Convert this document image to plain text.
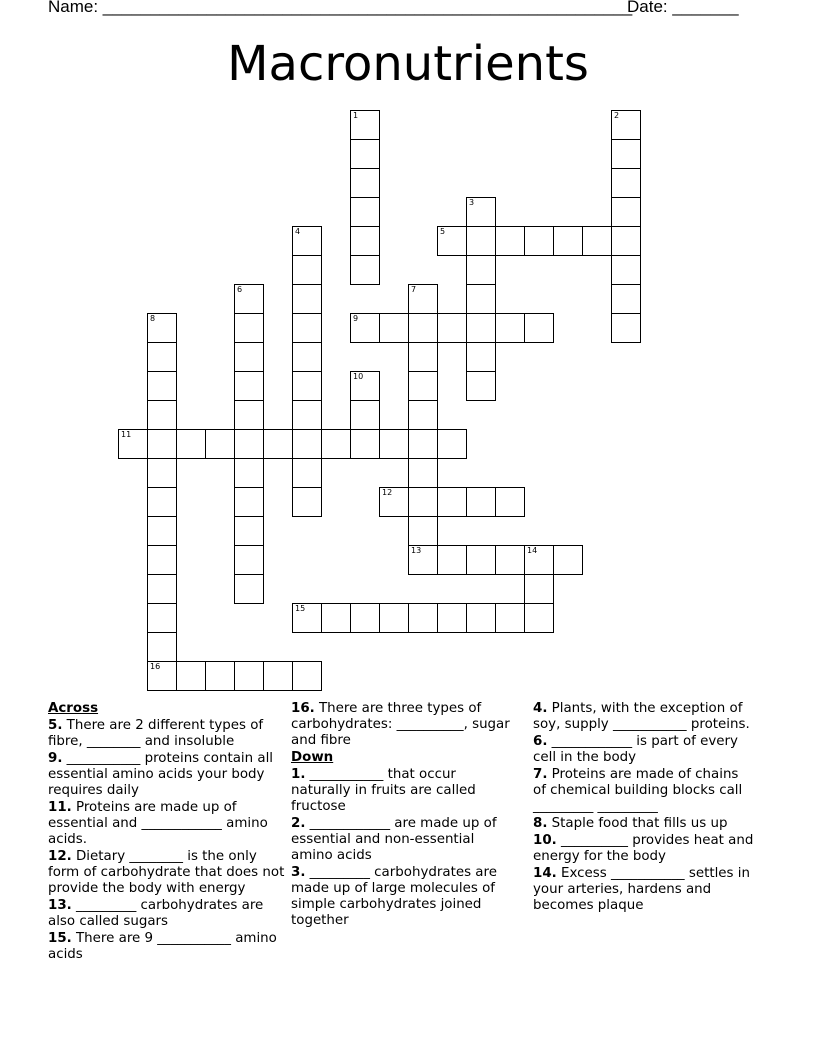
Name: ________________________________________________________
Date: _______
Macronutrients
1	2
3
4	5
6	7
13
8
16
9
10
11
12
14
15

Across

5. There are 2 different types of fibre, ________ and insoluble

9. ___________ proteins contain all essential amino acids your body requires daily

11. Proteins are made up of essential and ____________ amino acids.

12. Dietary ________ is the only form of carbohydrate that does not provide the body with energy

13. _________ carbohydrates are also called sugars

15. There are 9 ___________ amino acids

16. There are three types of carbohydrates: __________, sugar and fibre

Down

1. ___________ that occur naturally in fruits are called fructose

2. ____________ are made up of essential and non-essential amino acids

3. _________ carbohydrates are made up of large molecules of simple carbohydrates joined together

4. Plants, with the exception of soy, supply ___________ proteins.

6. ____________ is part of every cell in the body

7. Proteins are made of chains of chemical building blocks call _________ _________

8. Staple food that fills us up

10. __________ provides heat and energy for the body

14. Excess ___________ settles in your arteries, hardens and becomes plaque
